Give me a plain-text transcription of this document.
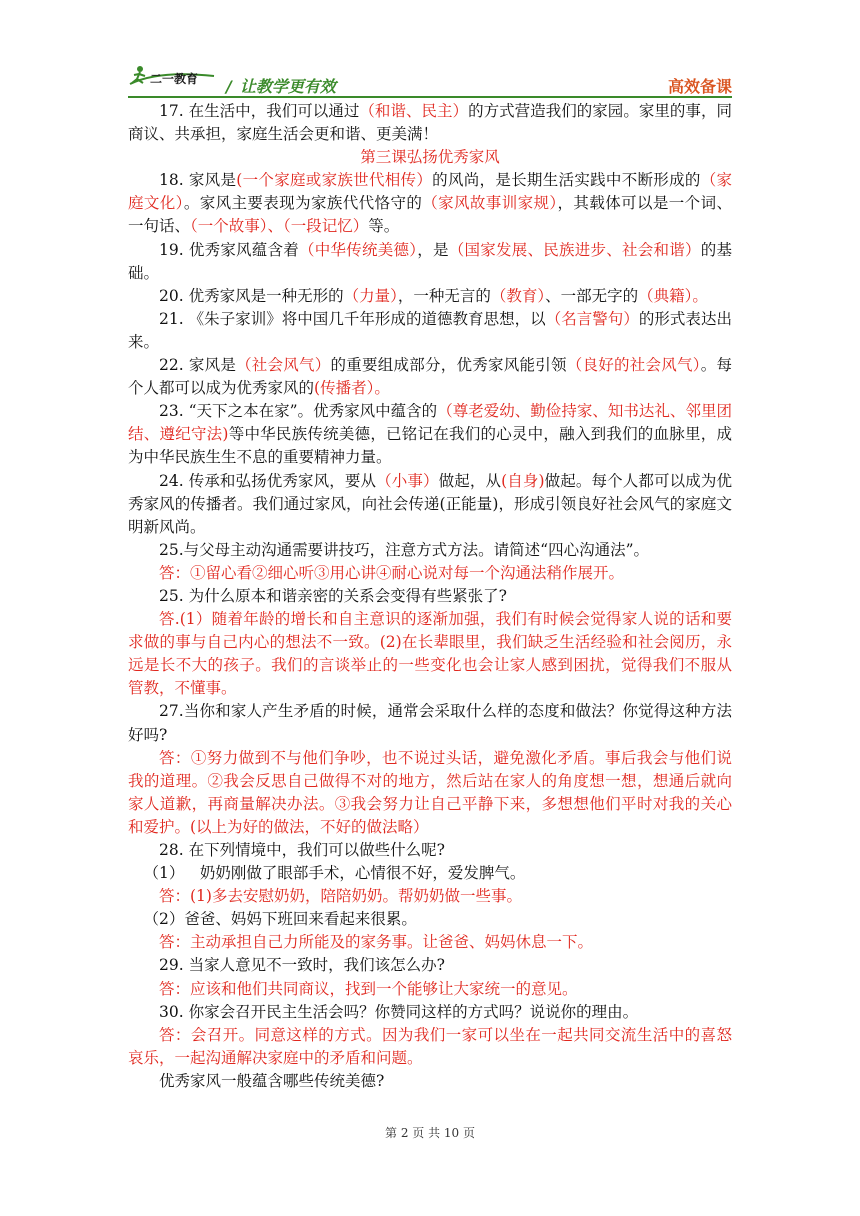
二一教育 / 让教学更有效	高效备课

17. 在生活中，我们可以通过（和谐、民主）的方式营造我们的家园。家里的事，同商议、共承担，家庭生活会更和谐、更美满！

第三课弘扬优秀家风

18. 家风是(一个家庭或家族世代相传）的风尚，是长期生活实践中不断形成的（家庭文化）。家风主要表现为家族代代恪守的（家风故事训家规），其载体可以是一个词、一句话、（一个故事）、（一段记忆）等。

19. 优秀家风蕴含着（中华传统美德），是（国家发展、民族进步、社会和谐）的基础。

20. 优秀家风是一种无形的（力量），一种无言的（教育）、一部无字的（典籍）。

21. 《朱子家训》将中国几千年形成的道德教育思想，以（名言警句）的形式表达出来。

22. 家风是（社会风气）的重要组成部分，优秀家风能引领（良好的社会风气）。每个人都可以成为优秀家风的(传播者）。

23. “天下之本在家”。优秀家风中蕴含的（尊老爱幼、勤俭持家、知书达礼、邻里团结、遵纪守法)等中华民族传统美德，已铭记在我们的心灵中，融入到我们的血脉里，成为中华民族生生不息的重要精神力量。

24. 传承和弘扬优秀家风，要从（小事）做起，从(自身)做起。每个人都可以成为优秀家风的传播者。我们通过家风，向社会传递(正能量)，形成引领良好社会风气的家庭文明新风尚。

25.与父母主动沟通需要讲技巧，注意方式方法。请简述“四心沟通法”。

答：①留心看②细心听③用心讲④耐心说对每一个沟通法稍作展开。

25. 为什么原本和谐亲密的关系会变得有些紧张了?

答.(1）随着年龄的增长和自主意识的逐渐加强，我们有时候会觉得家人说的话和要求做的事与自己内心的想法不一致。(2)在长辈眼里，我们缺乏生活经验和社会阅历，永远是长不大的孩子。我们的言谈举止的一些变化也会让家人感到困扰，觉得我们不服从管教，不懂事。

27.当你和家人产生矛盾的时候，通常会采取什么样的态度和做法？你觉得这种方法好吗?

答：①努力做到不与他们争吵，也不说过头话，避免激化矛盾。事后我会与他们说我的道理。②我会反思自己做得不对的地方，然后站在家人的角度想一想，想通后就向家人道歉，再商量解决办法。③我会努力让自己平静下来，多想想他们平时对我的关心和爱护。(以上为好的做法，不好的做法略）

28. 在下列情境中，我们可以做些什么呢?

（1） 奶奶刚做了眼部手术，心情很不好，爱发脾气。

答：(1)多去安慰奶奶，陪陪奶奶。帮奶奶做一些事。

（2）爸爸、妈妈下班回来看起来很累。

答：主动承担自己力所能及的家务事。让爸爸、妈妈休息一下。

29. 当家人意见不一致时，我们该怎么办?

答：应该和他们共同商议，找到一个能够让大家统一的意见。

30. 你家会召开民主生活会吗？你赞同这样的方式吗？说说你的理由。

答：会召开。同意这样的方式。因为我们一家可以坐在一起共同交流生活中的喜怒哀乐，一起沟通解决家庭中的矛盾和问题。

优秀家风一般蕴含哪些传统美德?

第 2 页 共 10 页
